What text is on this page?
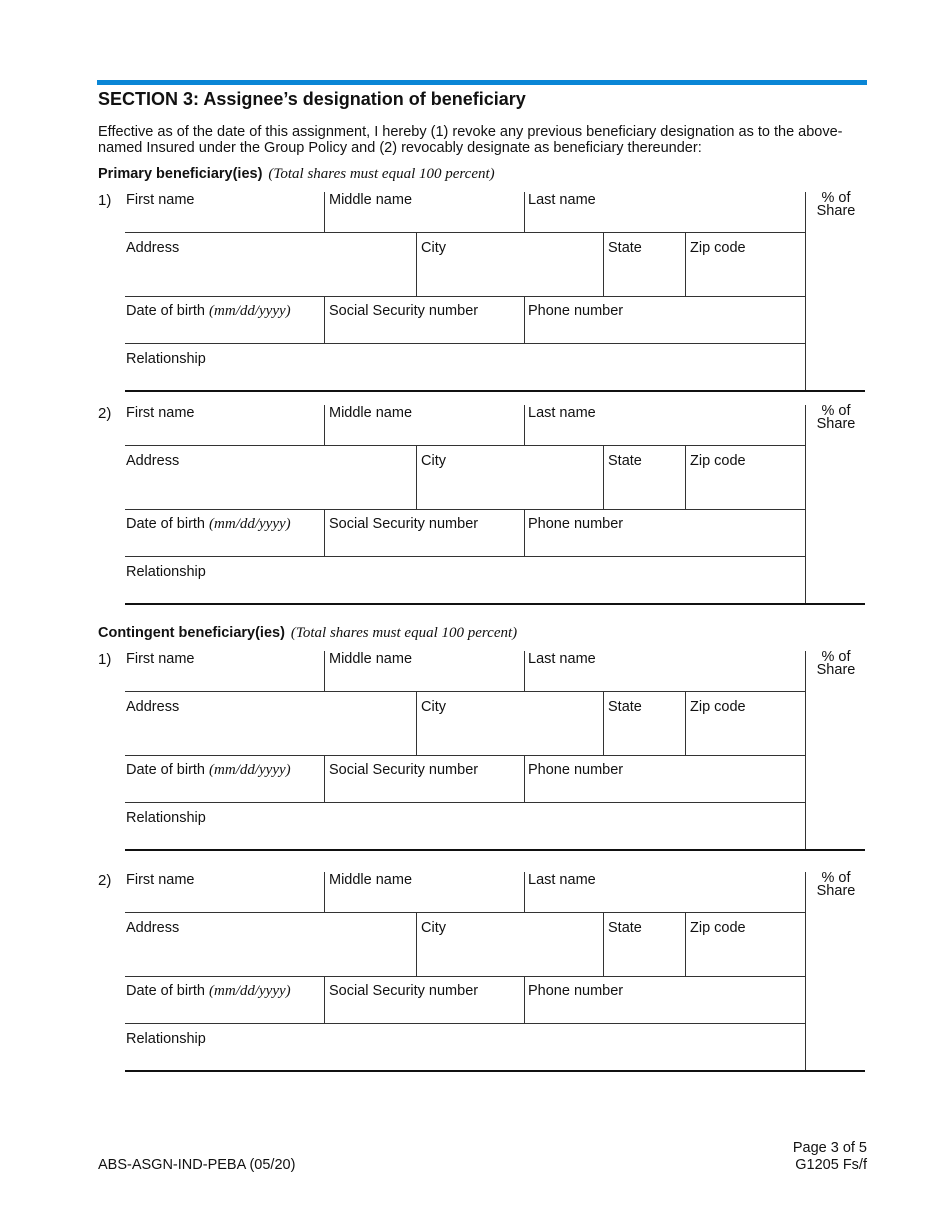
SECTION 3: Assignee’s designation of beneficiary

Effective as of the date of this assignment, I hereby (1) revoke any previous beneficiary designation as to the above-named Insured under the Group Policy and (2) revocably designate as beneficiary thereunder:

Primary beneficiary(ies) (Total shares must equal 100 percent)
1) First name	Middle name	Last name	% of
Share
Address	City	State	Zip code
Date of birth (mm/dd/yyyy)	Social Security number	Phone number
Relationship
2) First name	Middle name	Last name	% of
Share
Address	City	State	Zip code
Date of birth (mm/dd/yyyy)	Social Security number	Phone number
Relationship
Contingent beneficiary(ies) (Total shares must equal 100 percent)
1) First name	Middle name	Last name	% of
Share
Address	City	State	Zip code
Date of birth (mm/dd/yyyy)	Social Security number	Phone number
Relationship
2) First name	Middle name	Last name	% of
Share
Address	City	State	Zip code
Date of birth (mm/dd/yyyy)	Social Security number	Phone number
Relationship
ABS-ASGN-IND-PEBA (05/20)
Page 3 of 5
G1205 Fs/f
